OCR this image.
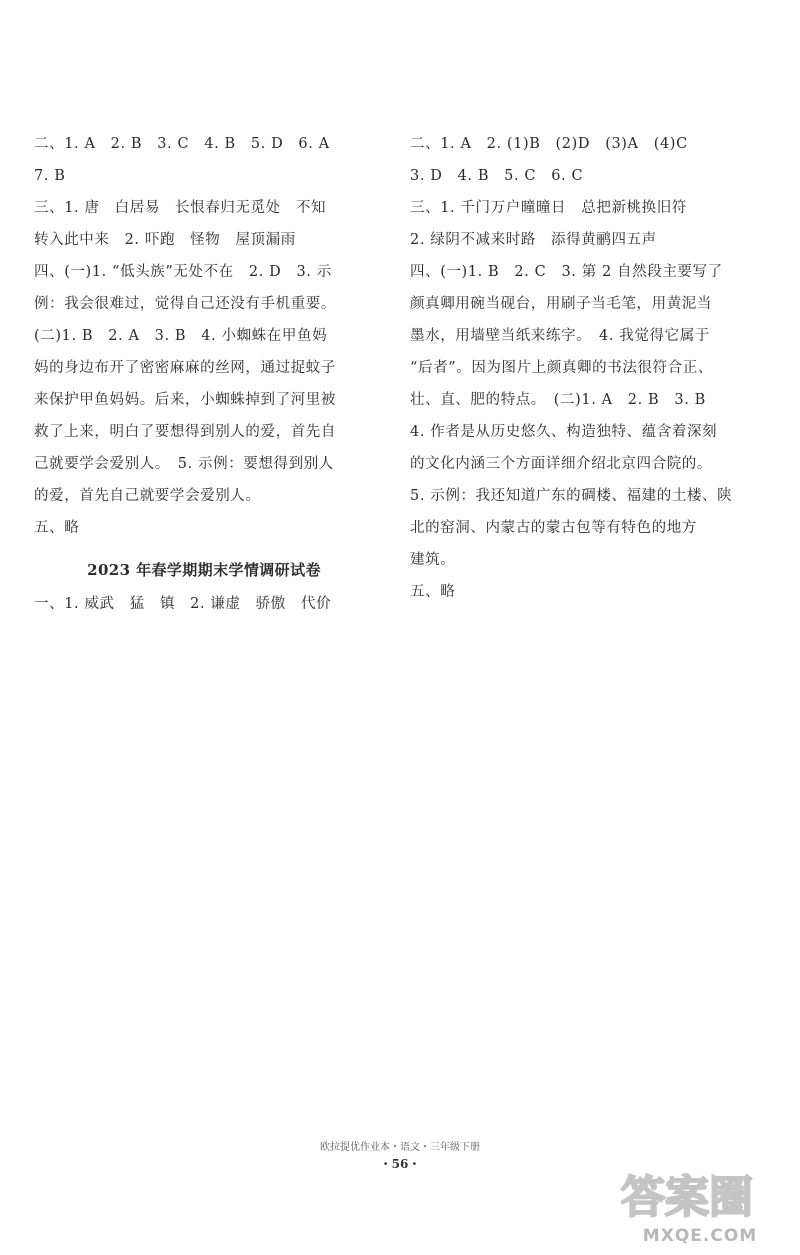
二、1. A　2. B　3. C　4. B　5. D　6. A
7. B
三、1. 唐　白居易　长恨春归无觅处　不知
转入此中来　2. 吓跑　怪物　屋顶漏雨
四、(一)1. “低头族”无处不在　2. D　3. 示
例：我会很难过，觉得自己还没有手机重要。
(二)1. B　2. A　3. B　4. 小蜘蛛在甲鱼妈
妈的身边布开了密密麻麻的丝网，通过捉蚊子
来保护甲鱼妈妈。后来，小蜘蛛掉到了河里被
救了上来，明白了要想得到别人的爱，首先自
己就要学会爱别人。　5. 示例：要想得到别人
的爱，首先自己就要学会爱别人。
五、略
2023 年春学期期末学情调研试卷
一、1. 威武　猛　镇　2. 谦虚　骄傲　代价
二、1. A　2. (1)B　(2)D　(3)A　(4)C
3. D　4. B　5. C　6. C
三、1. 千门万户曈曈日　总把新桃换旧符
2. 绿阴不减来时路　添得黄鹂四五声
四、(一)1. B　2. C　3. 第 2 自然段主要写了
颜真卿用碗当砚台，用刷子当毛笔，用黄泥当
墨水，用墙壁当纸来练字。　4. 我觉得它属于
“后者”。因为图片上颜真卿的书法很符合正、
壮、直、肥的特点。　(二)1. A　2. B　3. B
4. 作者是从历史悠久、构造独特、蕴含着深刻
的文化内涵三个方面详细介绍北京四合院的。
5. 示例：我还知道广东的碉楼、福建的土楼、陕
北的窑洞、内蒙古的蒙古包等有特色的地方
建筑。
五、略
欧拉提优作业本・语文・三年级下册
・56・
答案圈
MXQE.COM
